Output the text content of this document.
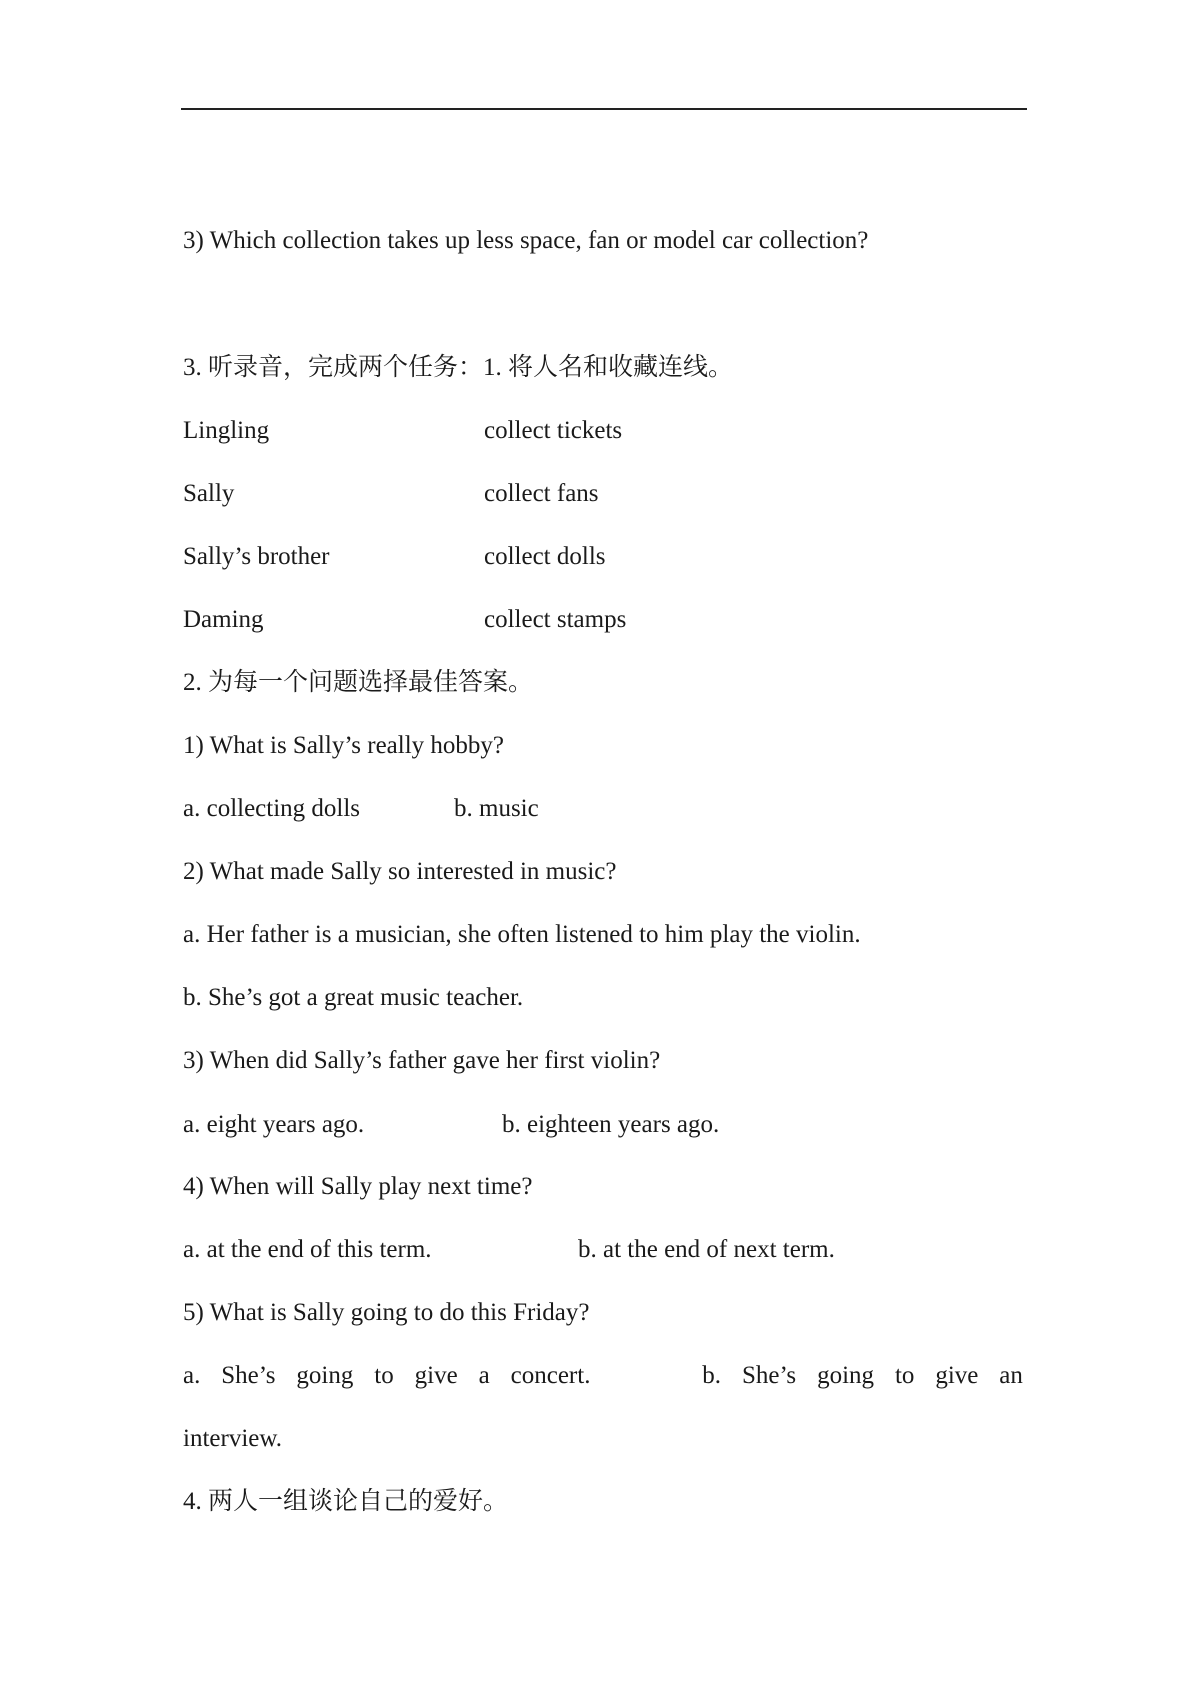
3) Which collection takes up less space, fan or model car collection?
3. 听录音，完成两个任务：1. 将人名和收藏连线。
Lingling	collect tickets
Sally	collect fans
Sally’s brother	collect dolls
Daming	collect stamps
2. 为每一个问题选择最佳答案。
1) What is Sally’s really hobby?
a. collecting dolls	b. music
2) What made Sally so interested in music?
a. Her father is a musician, she often listened to him play the violin.
b. She’s got a great music teacher.
3) When did Sally’s father gave her first violin?
a. eight years ago.	b. eighteen years ago.
4) When will Sally play next time?
a. at the end of this term.	b. at the end of next term.
5) What is Sally going to do this Friday?
a. She’s going to give a concert.	b. She’s going to give an
interview.
4. 两人一组谈论自己的爱好。
